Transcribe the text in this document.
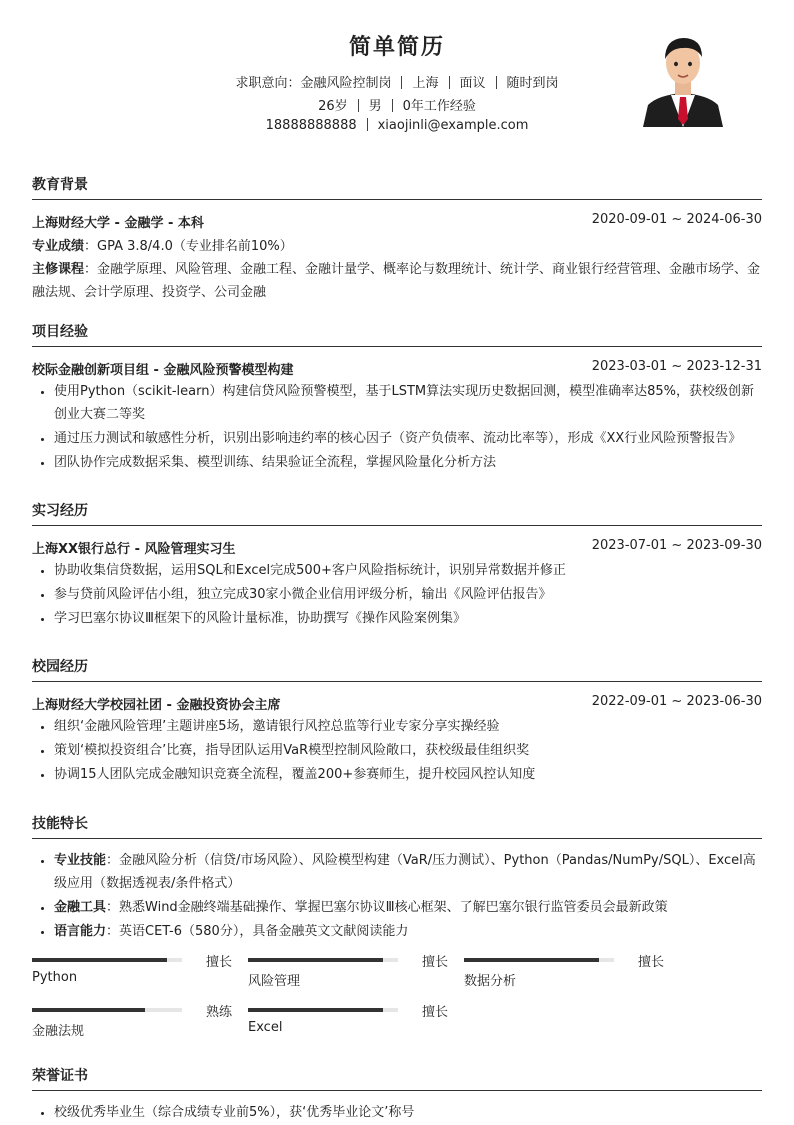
简单简历
求职意向：金融风险控制岗 上海 面议 随时到岗
26岁 男 0年工作经验
18888888888 xiaojinli@example.com
教育背景
上海财经大学 - 金融学 - 本科	2020-09-01 ~ 2024-06-30
专业成绩：GPA 3.8/4.0（专业排名前10%）
主修课程：金融学原理、风险管理、金融工程、金融计量学、概率论与数理统计、统计学、商业银行经营管理、金融市场学、金
融法规、会计学原理、投资学、公司金融
项目经验
校际金融创新项目组 - 金融风险预警模型构建	2023-03-01 ~ 2023-12-31
• 使用Python（scikit-learn）构建信贷风险预警模型，基于LSTM算法实现历史数据回测，模型准确率达85%，获校级创新创业大赛二等奖
• 通过压力测试和敏感性分析，识别出影响违约率的核心因子（资产负债率、流动比率等），形成《XX行业风险预警报告》
• 团队协作完成数据采集、模型训练、结果验证全流程，掌握风险量化分析方法
实习经历
上海XX银行总行 - 风险管理实习生	2023-07-01 ~ 2023-09-30
• 协助收集信贷数据，运用SQL和Excel完成500+客户风险指标统计，识别异常数据并修正
• 参与贷前风险评估小组，独立完成30家小微企业信用评级分析，输出《风险评估报告》
• 学习巴塞尔协议Ⅲ框架下的风险计量标准，协助撰写《操作风险案例集》
校园经历
上海财经大学校园社团 - 金融投资协会主席	2022-09-01 ~ 2023-06-30
• 组织‘金融风险管理’主题讲座5场，邀请银行风控总监等行业专家分享实操经验
• 策划‘模拟投资组合’比赛，指导团队运用VaR模型控制风险敞口，获校级最佳组织奖
• 协调15人团队完成金融知识竞赛全流程，覆盖200+参赛师生，提升校园风控认知度
技能特长
• 专业技能：金融风险分析（信贷/市场风险）、风险模型构建（VaR/压力测试）、Python（Pandas/NumPy/SQL）、Excel高级应用（数据透视表/条件格式）
• 金融工具：熟悉Wind金融终端基础操作、掌握巴塞尔协议Ⅲ核心框架、了解巴塞尔银行监管委员会最新政策
• 语言能力：英语CET-6（580分），具备金融英文文献阅读能力
擅长
Python
擅长
风险管理
擅长
数据分析
熟练
金融法规
擅长
Excel
荣誉证书
• 校级优秀毕业生（综合成绩专业前5%），获‘优秀毕业论文’称号
